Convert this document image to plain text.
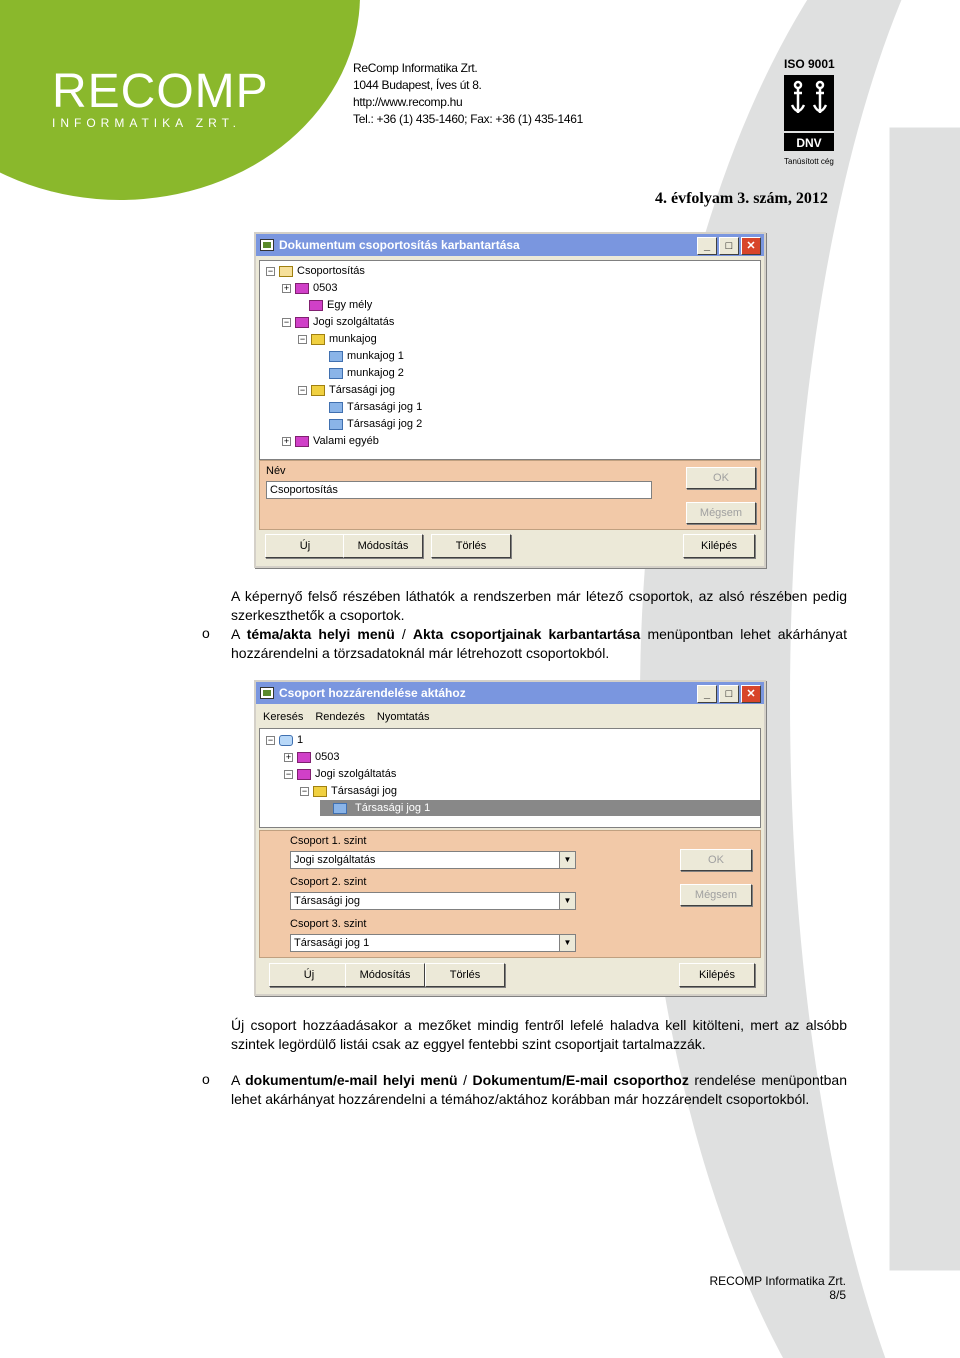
RECOMP
INFORMATIKA ZRT.
ReComp Informatika Zrt.
1044 Budapest, Íves út 8.
http://www.recomp.hu
Tel.: +36 (1) 435-1460; Fax: +36 (1) 435-1461
ISO 9001
DNV
Tanúsított cég
4. évfolyam 3. szám, 2012
Dokumentum csoportosítás karbantartása	_	□	✕
− Csoportosítás
+ 0503
Egy mély
− Jogi szolgáltatás
− munkajog
munkajog 1
munkajog 2
− Társasági jog
Társasági jog 1
Társasági jog 2
+ Valami egyéb
Név
Csoportosítás
OK
Mégsem
Új	Módosítás	Törlés	Kilépés
A képernyő felső részében láthatók a rendszerben már létező csoportok, az alsó részében pedig szerkeszthetők a csoportok.
o A téma/akta helyi menü / Akta csoportjainak karbantartása menüpontban lehet akárhányat hozzárendelni a törzsadatoknál már létrehozott csoportokból.
Csoport hozzárendelése aktához	_	□	✕
Keresés Rendezés Nyomtatás
− 1
+ 0503
− Jogi szolgáltatás
− Társasági jog
Társasági jog 1
Csoport 1. szint
Jogi szolgáltatás	▼
Csoport 2. szint
Társasági jog	▼
Csoport 3. szint
Társasági jog 1	▼
OK
Mégsem
Új	Módosítás	Törlés	Kilépés
Új csoport hozzáadásakor a mezőket mindig fentről lefelé haladva kell kitölteni, mert az alsóbb szintek legördülő listái csak az eggyel fentebbi szint csoportjait tartalmazzák.
o A dokumentum/e-mail helyi menü / Dokumentum/E-mail csoporthoz rendelése menüpontban lehet akárhányat hozzárendelni a témához/aktához korábban már hozzárendelt csoportokból.
RECOMP Informatika Zrt.
8/5
